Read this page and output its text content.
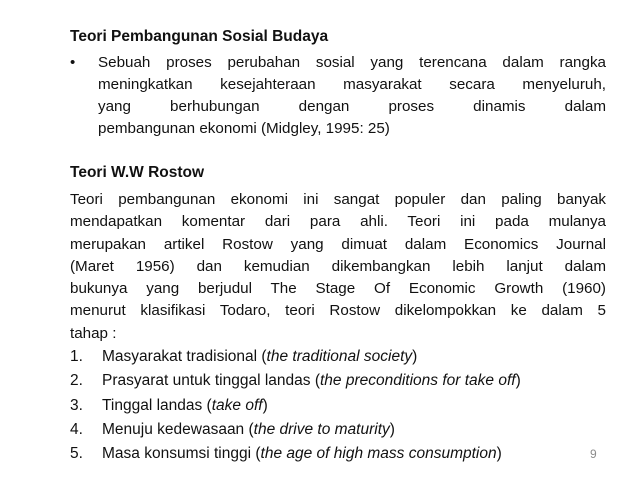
Teori Pembangunan Sosial Budaya
• Sebuah proses perubahan sosial yang terencana dalam rangka
meningkatkan kesejahteraan masyarakat secara menyeluruh,
yang berhubungan dengan proses dinamis dalam
pembangunan ekonomi (Midgley, 1995: 25)
Teori W.W Rostow
Teori pembangunan ekonomi ini sangat populer dan paling banyak
mendapatkan komentar dari para ahli. Teori ini pada mulanya
merupakan artikel Rostow yang dimuat dalam Economics Journal
(Maret 1956) dan kemudian dikembangkan lebih lanjut dalam
bukunya yang berjudul The Stage Of Economic Growth (1960)
menurut klasifikasi Todaro, teori Rostow dikelompokkan ke dalam 5
tahap :
1. Masyarakat tradisional (the traditional society)
2. Prasyarat untuk tinggal landas (the preconditions for take off)
3. Tinggal landas (take off)
4. Menuju kedewasaan (the drive to maturity)
5. Masa konsumsi tinggi (the age of high mass consumption)	9
